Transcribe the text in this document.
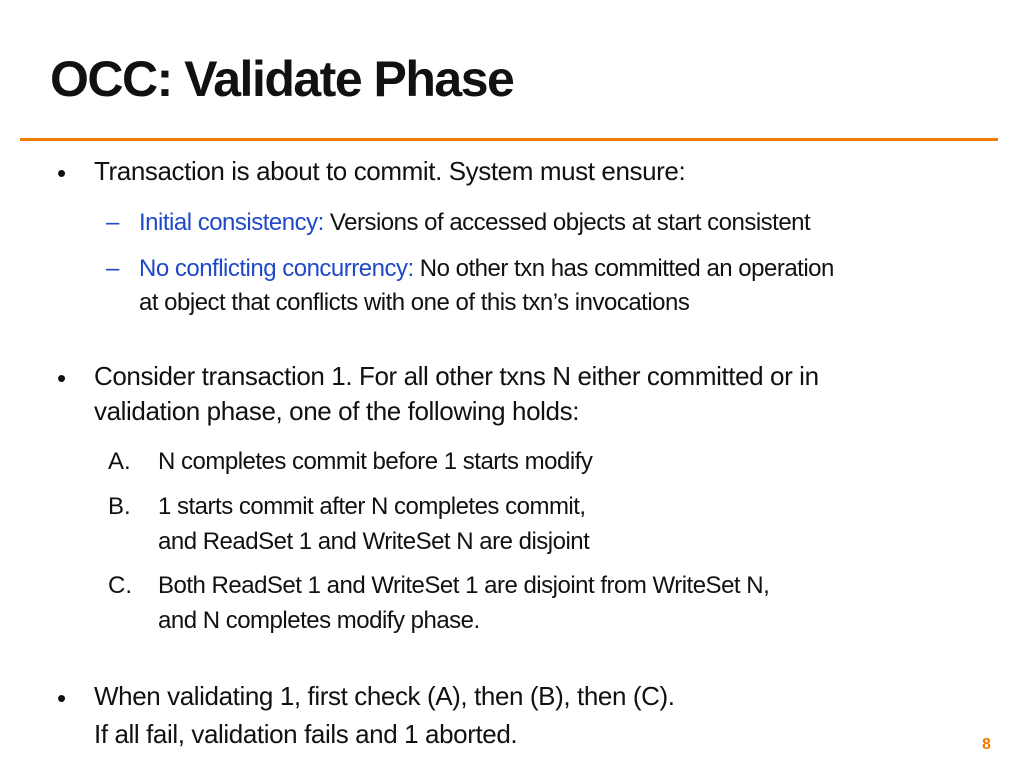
OCC: Validate Phase
• Transaction is about to commit. System must ensure:
– Initial consistency: Versions of accessed objects at start consistent
– No conflicting concurrency: No other txn has committed an operation
at object that conflicts with one of this txn’s invocations
• Consider transaction 1. For all other txns N either committed or in
validation phase, one of the following holds:
A. N completes commit before 1 starts modify
B. 1 starts commit after N completes commit,
and ReadSet 1 and WriteSet N are disjoint
C. Both ReadSet 1 and WriteSet 1 are disjoint from WriteSet N,
and N completes modify phase.
• When validating 1, first check (A), then (B), then (C).
If all fail, validation fails and 1 aborted.	8
